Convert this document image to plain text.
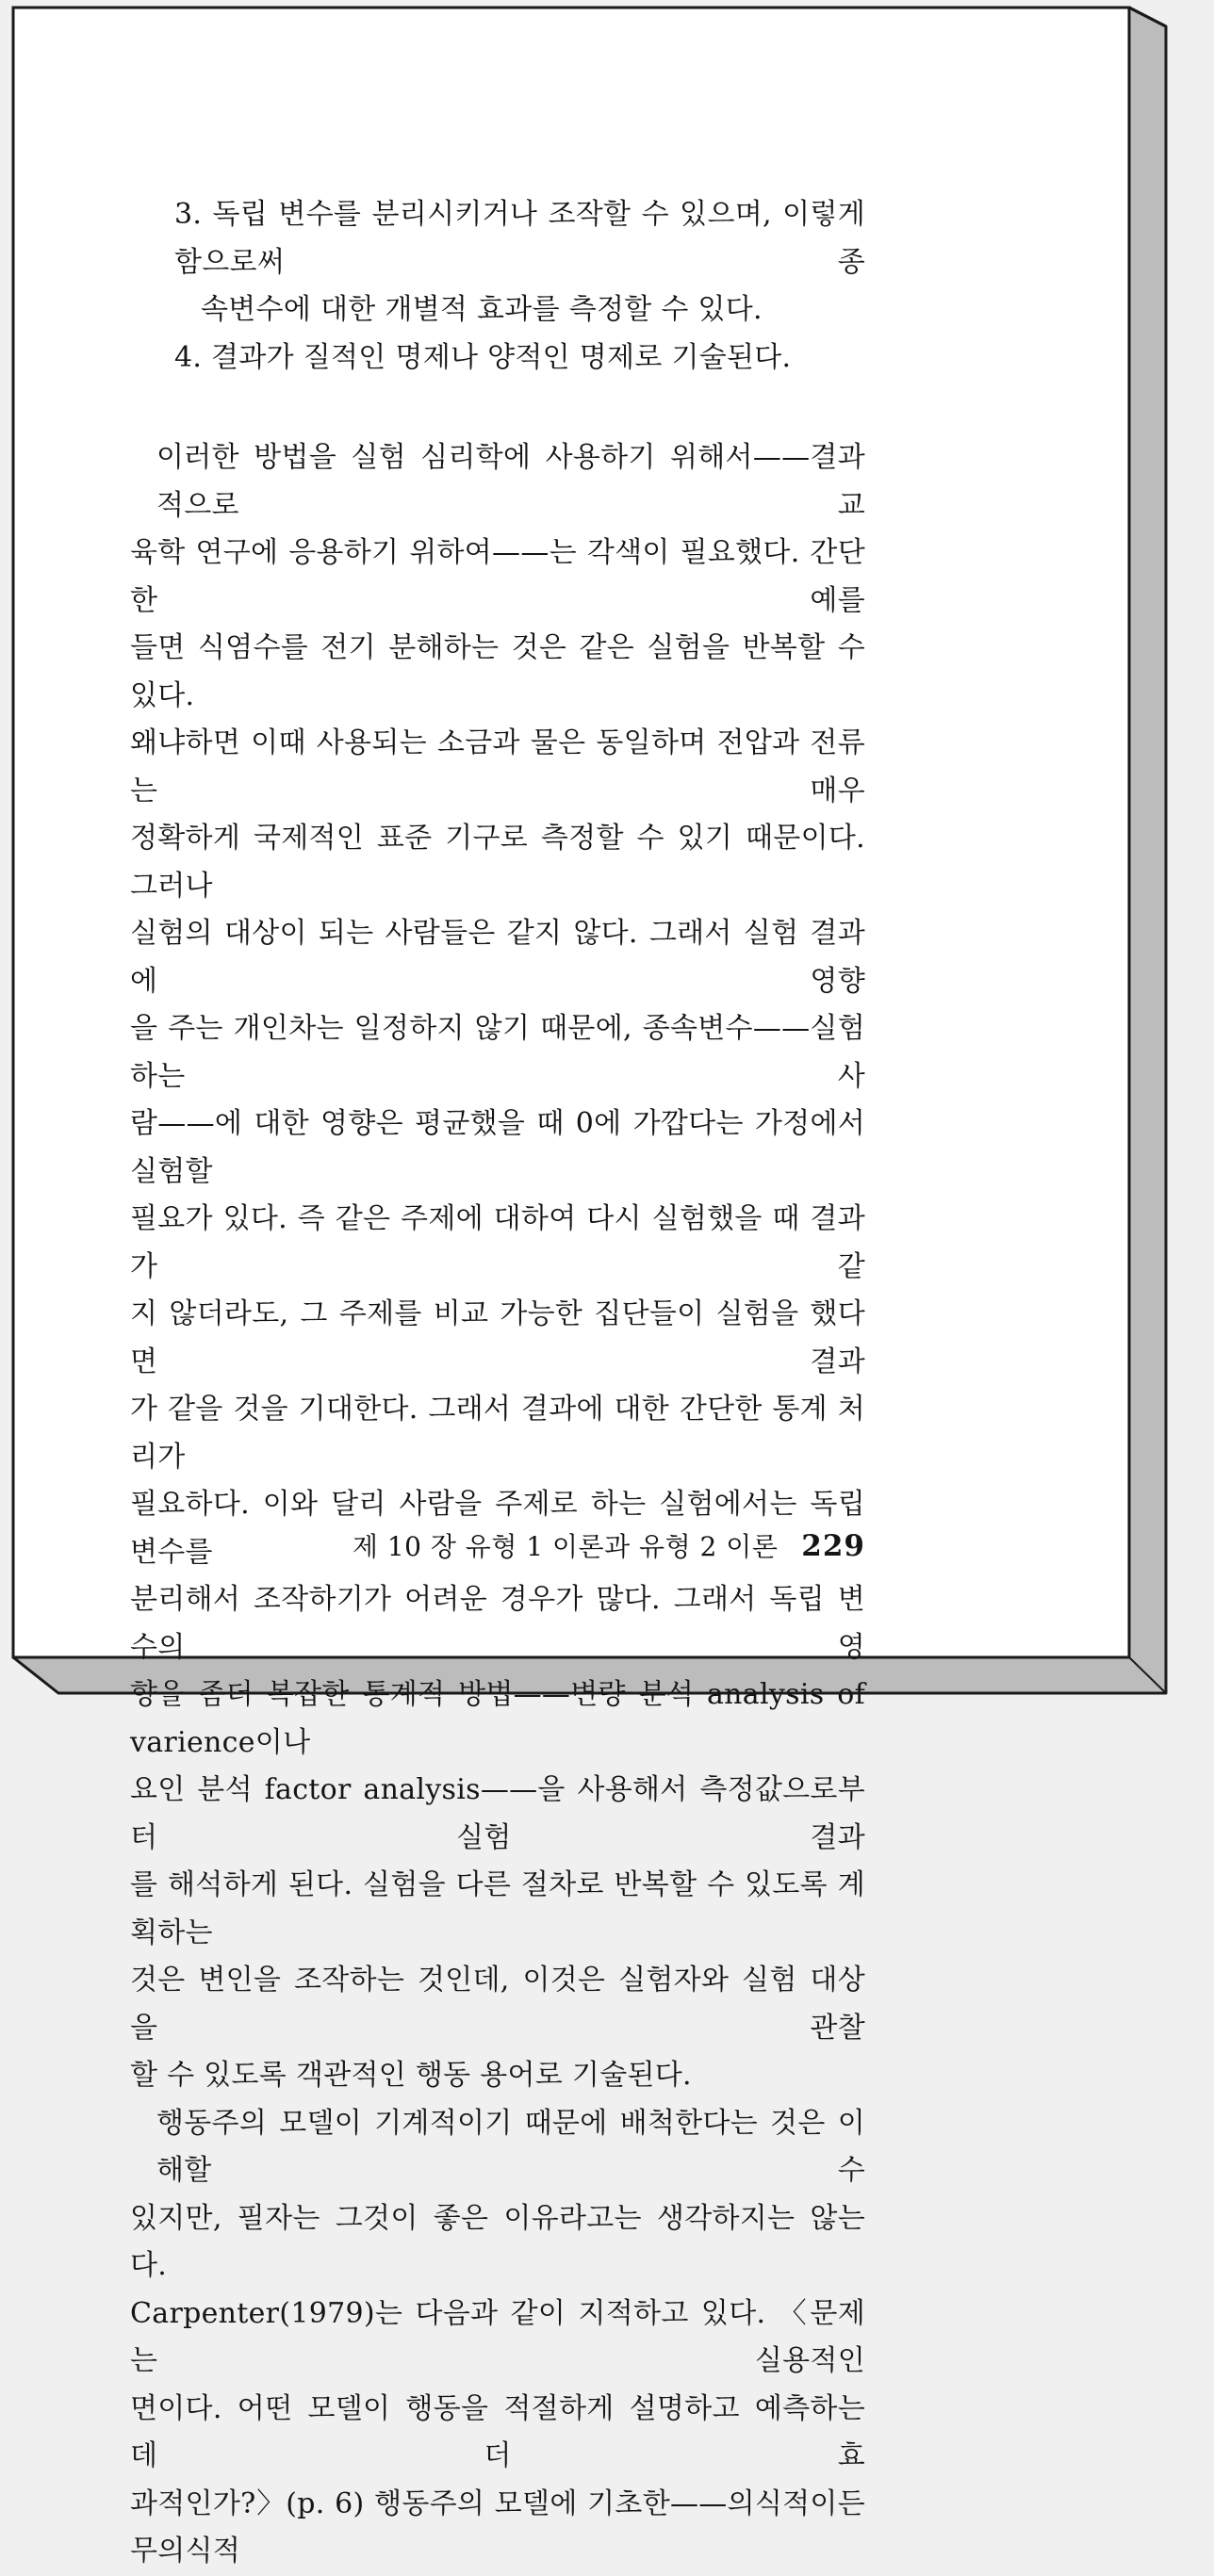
3. 독립 변수를 분리시키거나 조작할 수 있으며, 이렇게 함으로써 종
속변수에 대한 개별적 효과를 측정할 수 있다.
4. 결과가 질적인 명제나 양적인 명제로 기술된다.
이러한 방법을 실험 심리학에 사용하기 위해서——결과적으로 교
육학 연구에 응용하기 위하여——는 각색이 필요했다. 간단한 예를
들면 식염수를 전기 분해하는 것은 같은 실험을 반복할 수 있다.
왜냐하면 이때 사용되는 소금과 물은 동일하며 전압과 전류는 매우
정확하게 국제적인 표준 기구로 측정할 수 있기 때문이다. 그러나
실험의 대상이 되는 사람들은 같지 않다. 그래서 실험 결과에 영향
을 주는 개인차는 일정하지 않기 때문에, 종속변수——실험하는 사
람——에 대한 영향은 평균했을 때 0에 가깝다는 가정에서 실험할
필요가 있다. 즉 같은 주제에 대하여 다시 실험했을 때 결과가 같
지 않더라도, 그 주제를 비교 가능한 집단들이 실험을 했다면 결과
가 같을 것을 기대한다. 그래서 결과에 대한 간단한 통계 처리가
필요하다. 이와 달리 사람을 주제로 하는 실험에서는 독립 변수를
분리해서 조작하기가 어려운 경우가 많다. 그래서 독립 변수의 영
향을 좀더 복잡한 통계적 방법——변량 분석 analysis of varience이나
요인 분석 factor analysis——을 사용해서 측정값으로부터 실험 결과
를 해석하게 된다. 실험을 다른 절차로 반복할 수 있도록 계획하는
것은 변인을 조작하는 것인데, 이것은 실험자와 실험 대상을 관찰
할 수 있도록 객관적인 행동 용어로 기술된다.
행동주의 모델이 기계적이기 때문에 배척한다는 것은 이해할 수
있지만, 필자는 그것이 좋은 이유라고는 생각하지는 않는다.
Carpenter(1979)는 다음과 같이 지적하고 있다. 〈문제는 실용적인
면이다. 어떤 모델이 행동을 적절하게 설명하고 예측하는 데 더 효
과적인가?〉(p. 6) 행동주의 모델에 기초한——의식적이든 무의식적
제 10 장 유형 1 이론과 유형 2 이론 229
